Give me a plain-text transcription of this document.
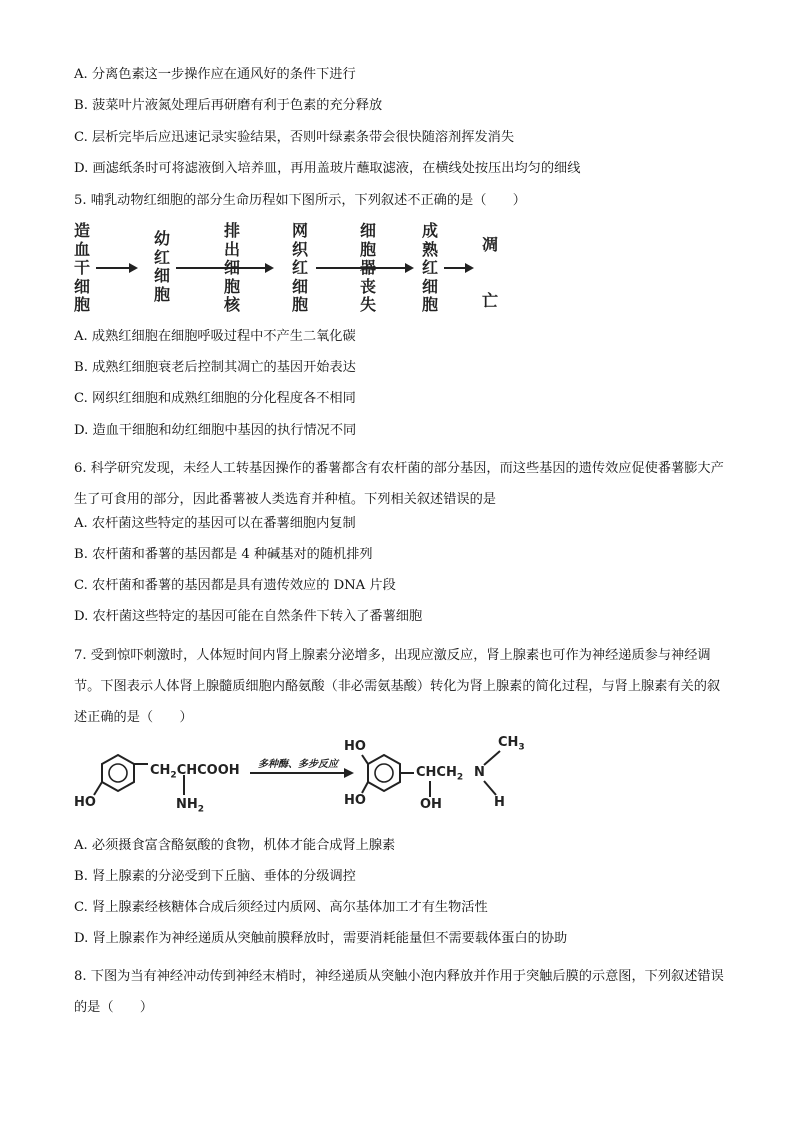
A. 分离色素这一步操作应在通风好的条件下进行
B. 菠菜叶片液氮处理后再研磨有利于色素的充分释放
C. 层析完毕后应迅速记录实验结果，否则叶绿素条带会很快随溶剂挥发消失
D. 画滤纸条时可将滤液倒入培养皿，再用盖玻片蘸取滤液，在横线处按压出均匀的细线
5. 哺乳动物红细胞的部分生命历程如下图所示，下列叙述不正确的是（　　）
造
血
干
细
胞
幼
红
细
胞
排
出
细
胞
核
网
织
红
细
胞
细
胞
器
丧
失
成
熟
红
细
胞
凋

亡
A. 成熟红细胞在细胞呼吸过程中不产生二氧化碳
B. 成熟红细胞衰老后控制其凋亡的基因开始表达
C. 网织红细胞和成熟红细胞的分化程度各不相同
D. 造血干细胞和幼红细胞中基因的执行情况不同
6. 科学研究发现，未经人工转基因操作的番薯都含有农杆菌的部分基因，而这些基因的遗传效应促使番薯膨大产生了可食用的部分，因此番薯被人类选育并种植。下列相关叙述错误的是
A. 农杆菌这些特定的基因可以在番薯细胞内复制
B. 农杆菌和番薯的基因都是 4 种碱基对的随机排列
C. 农杆菌和番薯的基因都是具有遗传效应的 DNA 片段
D. 农杆菌这些特定的基因可能在自然条件下转入了番薯细胞
7. 受到惊吓刺激时，人体短时间内肾上腺素分泌增多，出现应激反应，肾上腺素也可作为神经递质参与神经调节。下图表示人体肾上腺髓质细胞内酪氨酸（非必需氨基酸）转化为肾上腺素的简化过程，与肾上腺素有关的叙述正确的是（　　）
$CH_2CHCOOH$
$NH_2$
HO
多种酶、多步反应
HO
HO
$CHCH_2$
OH
N
$CH_3$
H
A. 必须摄食富含酪氨酸的食物，机体才能合成肾上腺素
B. 肾上腺素的分泌受到下丘脑、垂体的分级调控
C. 肾上腺素经核糖体合成后须经过内质网、高尔基体加工才有生物活性
D. 肾上腺素作为神经递质从突触前膜释放时，需要消耗能量但不需要载体蛋白的协助
8. 下图为当有神经冲动传到神经末梢时，神经递质从突触小泡内释放并作用于突触后膜的示意图，下列叙述错误的是（　　）
